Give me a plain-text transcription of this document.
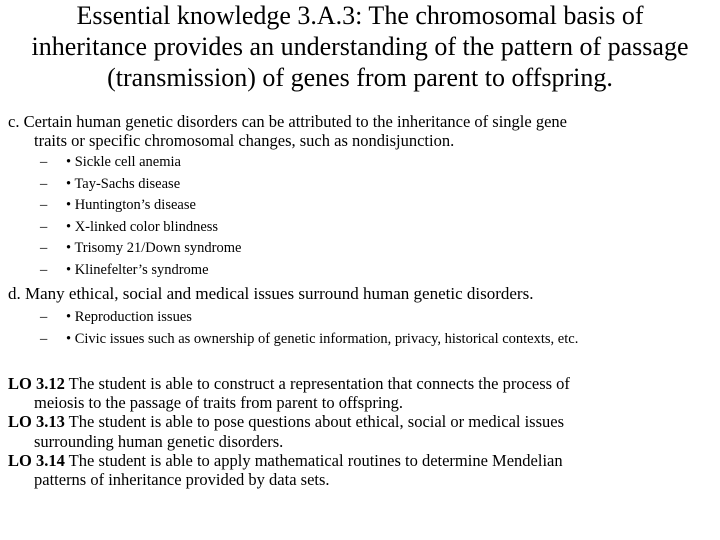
Essential knowledge 3.A.3: The chromosomal basis of
inheritance provides an understanding of the pattern of passage
(transmission) of genes from parent to offspring.

c. Certain human genetic disorders can be attributed to the inheritance of single gene
traits or specific chromosomal changes, such as nondisjunction.

– • Sickle cell anemia
– • Tay-Sachs disease
– • Huntington’s disease
– • X-linked color blindness
– • Trisomy 21/Down syndrome
– • Klinefelter’s syndrome

d. Many ethical, social and medical issues surround human genetic disorders.

– • Reproduction issues
– • Civic issues such as ownership of genetic information, privacy, historical contexts, etc.

LO 3.12 The student is able to construct a representation that connects the process of
meiosis to the passage of traits from parent to offspring.

LO 3.13 The student is able to pose questions about ethical, social or medical issues
surrounding human genetic disorders.

LO 3.14 The student is able to apply mathematical routines to determine Mendelian
patterns of inheritance provided by data sets.
